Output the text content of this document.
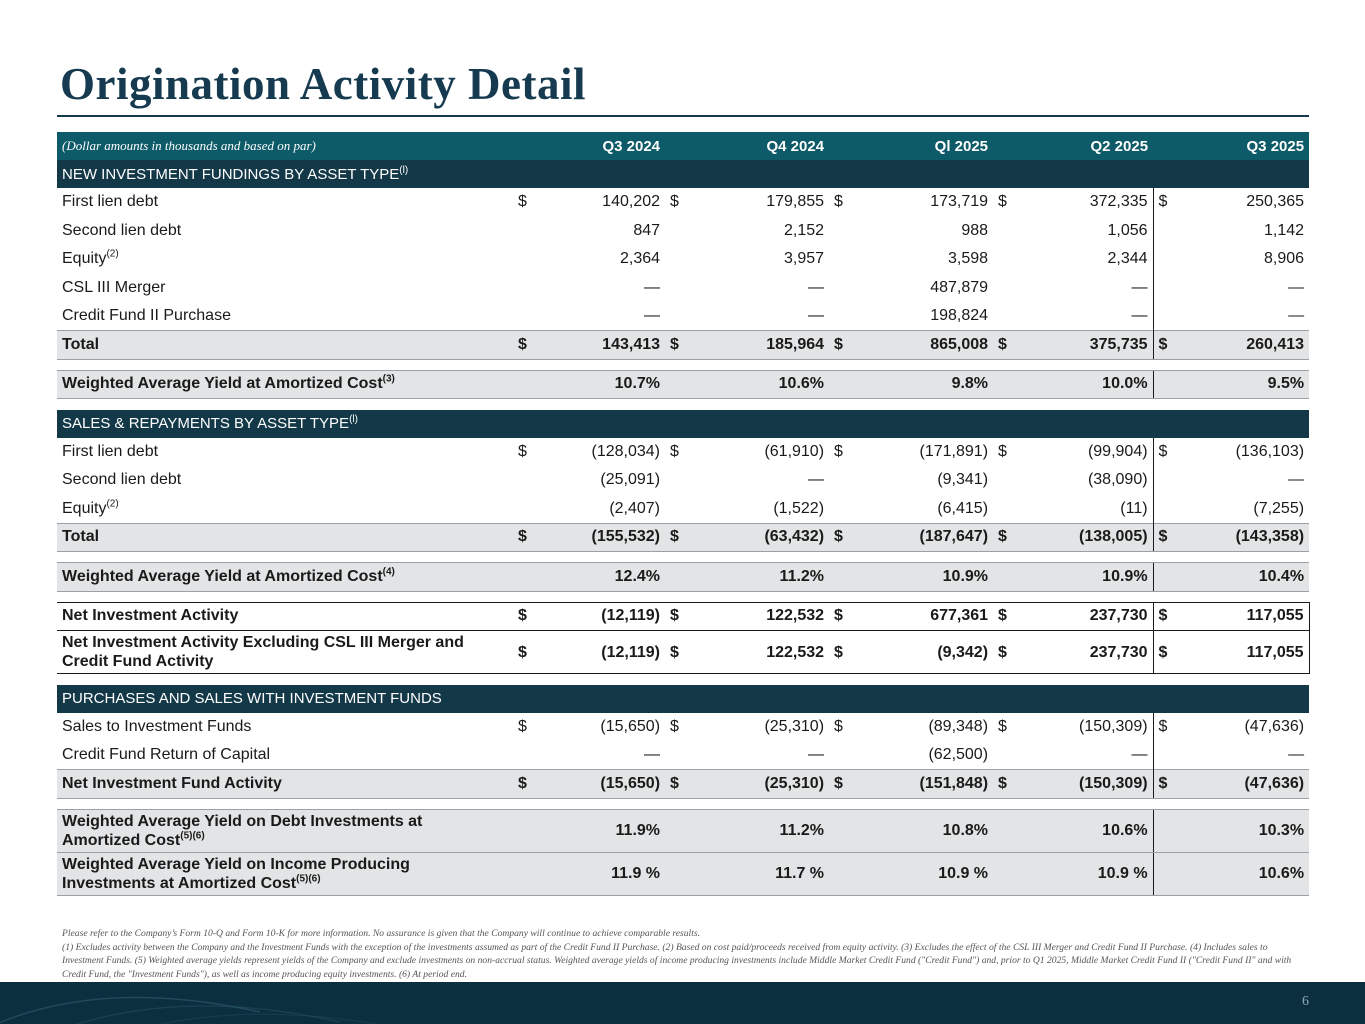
Origination Activity Detail
(Dollar amounts in thousands and based on par)	Q3 2024		Q4 2024		Ql 2025		Q2 2025		Q3 2025	
NEW INVESTMENT FUNDINGS BY ASSET TYPE$^{(l)}$
First lien debt	$	140,202	$	179,855	$	173,719	$	372,335	$	250,365
Second lien debt		847		2,152		988		1,056		1,142
Equity$^{(2)}$		2,364		3,957		3,598		2,344		8,906
CSL III Merger		—		—		487,879		—		—
Credit Fund II Purchase		—		—		198,824		—		—
Total	$	143,413	$	185,964	$	865,008	$	375,735	$	260,413

Weighted Average Yield at Amortized Cost$^{(3)}$		10.7%		10.6%		9.8%		10.0%		9.5%

SALES & REPAYMENTS BY ASSET TYPE$^{(l)}$
First lien debt	$	(128,034)	$	(61,910)	$	(171,891)	$	(99,904)	$	(136,103)
Second lien debt		(25,091)		—		(9,341)		(38,090)		—
Equity$^{(2)}$		(2,407)		(1,522)		(6,415)		(11)		(7,255)
Total	$	(155,532)	$	(63,432)	$	(187,647)	$	(138,005)	$	(143,358)

Weighted Average Yield at Amortized Cost$^{(4)}$		12.4%		11.2%		10.9%		10.9%		10.4%

Net Investment Activity	$	(12,119)	$	122,532	$	677,361	$	237,730	$	117,055

Net Investment Activity Excluding CSL III Merger and
Credit Fund Activity	$	(12,119)	$	122,532	$	(9,342)	$	237,730	$	117,055

PURCHASES AND SALES WITH INVESTMENT FUNDS										
Sales to Investment Funds	$	(15,650)	$	(25,310)	$	(89,348)	$	(150,309)	$	(47,636)
Credit Fund Return of Capital		—		—		(62,500)		—		—
Net Investment Fund Activity	$	(15,650)	$	(25,310)	$	(151,848)	$	(150,309)	$	(47,636)

Weighted Average Yield on Debt Investments at
Amortized Cost$^{(5)(6)}$		11.9%		11.2%		10.8%		10.6%		10.3%

Weighted Average Yield on Income Producing
Investments at Amortized Cost$^{(5)(6)}$		11.9 %		11.7 %		10.9 %		10.9 %		10.6%
Please refer to the Company’s Form 10-Q and Form 10-K for more information. No assurance is given that the Company will continue to achieve comparable results.
(1) Excludes activity between the Company and the Investment Funds with the exception of the investments assumed as part of the Credit Fund II Purchase. (2) Based on cost paid/proceeds received from equity activity. (3) Excludes the effect of the CSL III Merger and Credit Fund II Purchase. (4) Includes sales to Investment Funds. (5) Weighted average yields represent yields of the Company and exclude investments on non-accrual status. Weighted average yields of income producing investments include Middle Market Credit Fund ("Credit Fund") and, prior to Q1 2025, Middle Market Credit Fund II ("Credit Fund II" and with Credit Fund, the "Investment Funds"), as well as income producing equity investments. (6) At period end.
6
